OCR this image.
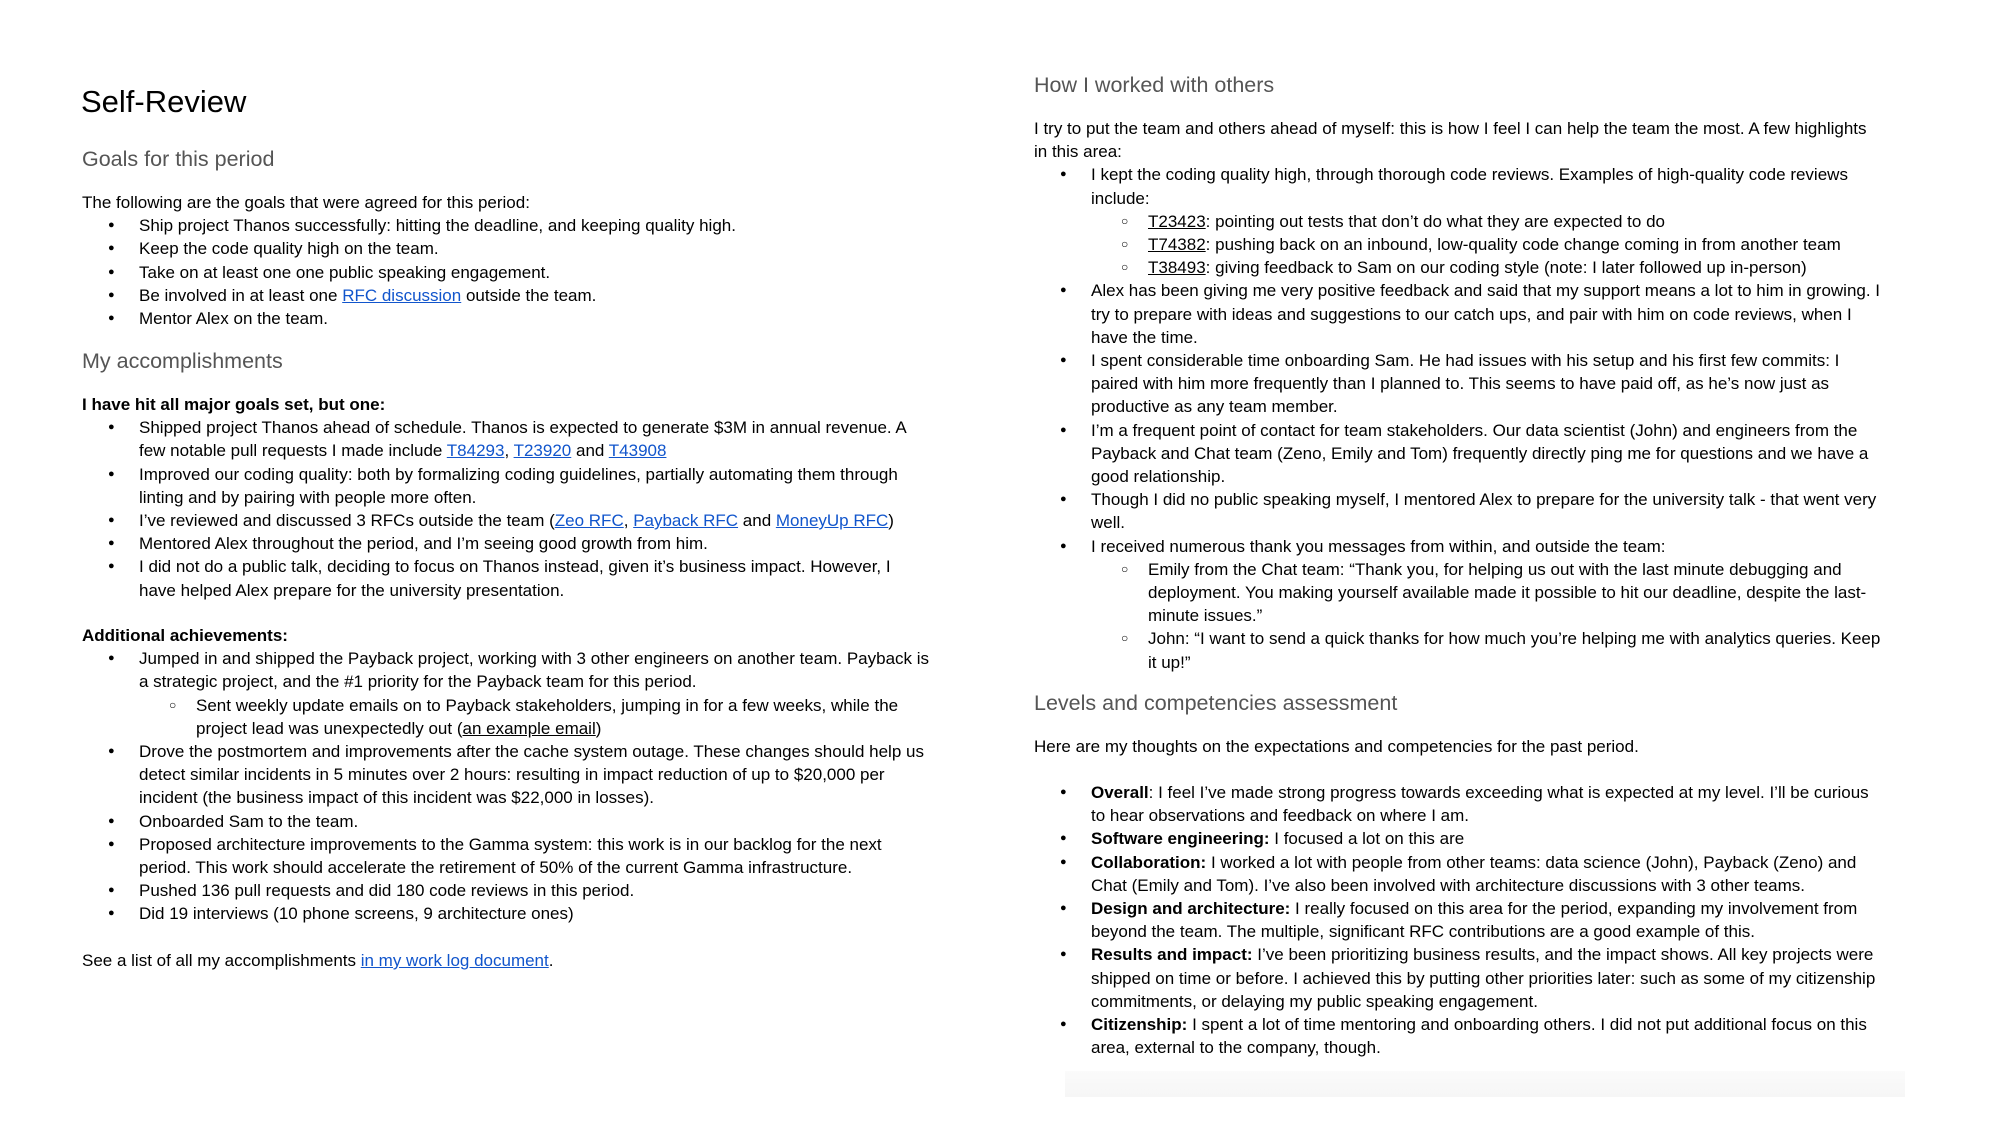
Self-Review
Goals for this period
The following are the goals that were agreed for this period:
● Ship project Thanos successfully: hitting the deadline, and keeping quality high.
● Keep the code quality high on the team.
● Take on at least one one public speaking engagement.
● Be involved in at least one RFC discussion outside the team.
● Mentor Alex on the team.
My accomplishments
I have hit all major goals set, but one:
● Shipped project Thanos ahead of schedule. Thanos is expected to generate $3M in annual revenue. A few notable pull requests I made include T84293, T23920 and T43908
● Improved our coding quality: both by formalizing coding guidelines, partially automating them through linting and by pairing with people more often.
● I’ve reviewed and discussed 3 RFCs outside the team (Zeo RFC, Payback RFC and MoneyUp RFC)
● Mentored Alex throughout the period, and I’m seeing good growth from him.
● I did not do a public talk, deciding to focus on Thanos instead, given it’s business impact. However, I have helped Alex prepare for the university presentation.
Additional achievements:
● Jumped in and shipped the Payback project, working with 3 other engineers on another team. Payback is a strategic project, and the #1 priority for the Payback team for this period.
○ Sent weekly update emails on to Payback stakeholders, jumping in for a few weeks, while the project lead was unexpectedly out (an example email)
● Drove the postmortem and improvements after the cache system outage. These changes should help us detect similar incidents in 5 minutes over 2 hours: resulting in impact reduction of up to $20,000 per incident (the business impact of this incident was $22,000 in losses).
● Onboarded Sam to the team.
● Proposed architecture improvements to the Gamma system: this work is in our backlog for the next period. This work should accelerate the retirement of 50% of the current Gamma infrastructure.
● Pushed 136 pull requests and did 180 code reviews in this period.
● Did 19 interviews (10 phone screens, 9 architecture ones)
See a list of all my accomplishments in my work log document.
How I worked with others
I try to put the team and others ahead of myself: this is how I feel I can help the team the most. A few highlights in this area:
● I kept the coding quality high, through thorough code reviews. Examples of high-quality code reviews include:
○ T23423: pointing out tests that don’t do what they are expected to do
○ T74382: pushing back on an inbound, low-quality code change coming in from another team
○ T38493: giving feedback to Sam on our coding style (note: I later followed up in-person)
● Alex has been giving me very positive feedback and said that my support means a lot to him in growing. I try to prepare with ideas and suggestions to our catch ups, and pair with him on code reviews, when I have the time.
● I spent considerable time onboarding Sam. He had issues with his setup and his first few commits: I paired with him more frequently than I planned to. This seems to have paid off, as he’s now just as productive as any team member.
● I’m a frequent point of contact for team stakeholders. Our data scientist (John) and engineers from the Payback and Chat team (Zeno, Emily and Tom) frequently directly ping me for questions and we have a good relationship.
● Though I did no public speaking myself, I mentored Alex to prepare for the university talk - that went very well.
● I received numerous thank you messages from within, and outside the team:
○ Emily from the Chat team: “Thank you, for helping us out with the last minute debugging and deployment. You making yourself available made it possible to hit our deadline, despite the last-minute issues.”
○ John: “I want to send a quick thanks for how much you’re helping me with analytics queries. Keep it up!”
Levels and competencies assessment
Here are my thoughts on the expectations and competencies for the past period.
● Overall: I feel I’ve made strong progress towards exceeding what is expected at my level. I’ll be curious to hear observations and feedback on where I am.
● Software engineering: I focused a lot on this are
● Collaboration: I worked a lot with people from other teams: data science (John), Payback (Zeno) and Chat (Emily and Tom). I’ve also been involved with architecture discussions with 3 other teams.
● Design and architecture: I really focused on this area for the period, expanding my involvement from beyond the team. The multiple, significant RFC contributions are a good example of this.
● Results and impact: I’ve been prioritizing business results, and the impact shows. All key projects were shipped on time or before. I achieved this by putting other priorities later: such as some of my citizenship commitments, or delaying my public speaking engagement.
● Citizenship: I spent a lot of time mentoring and onboarding others. I did not put additional focus on this area, external to the company, though.
